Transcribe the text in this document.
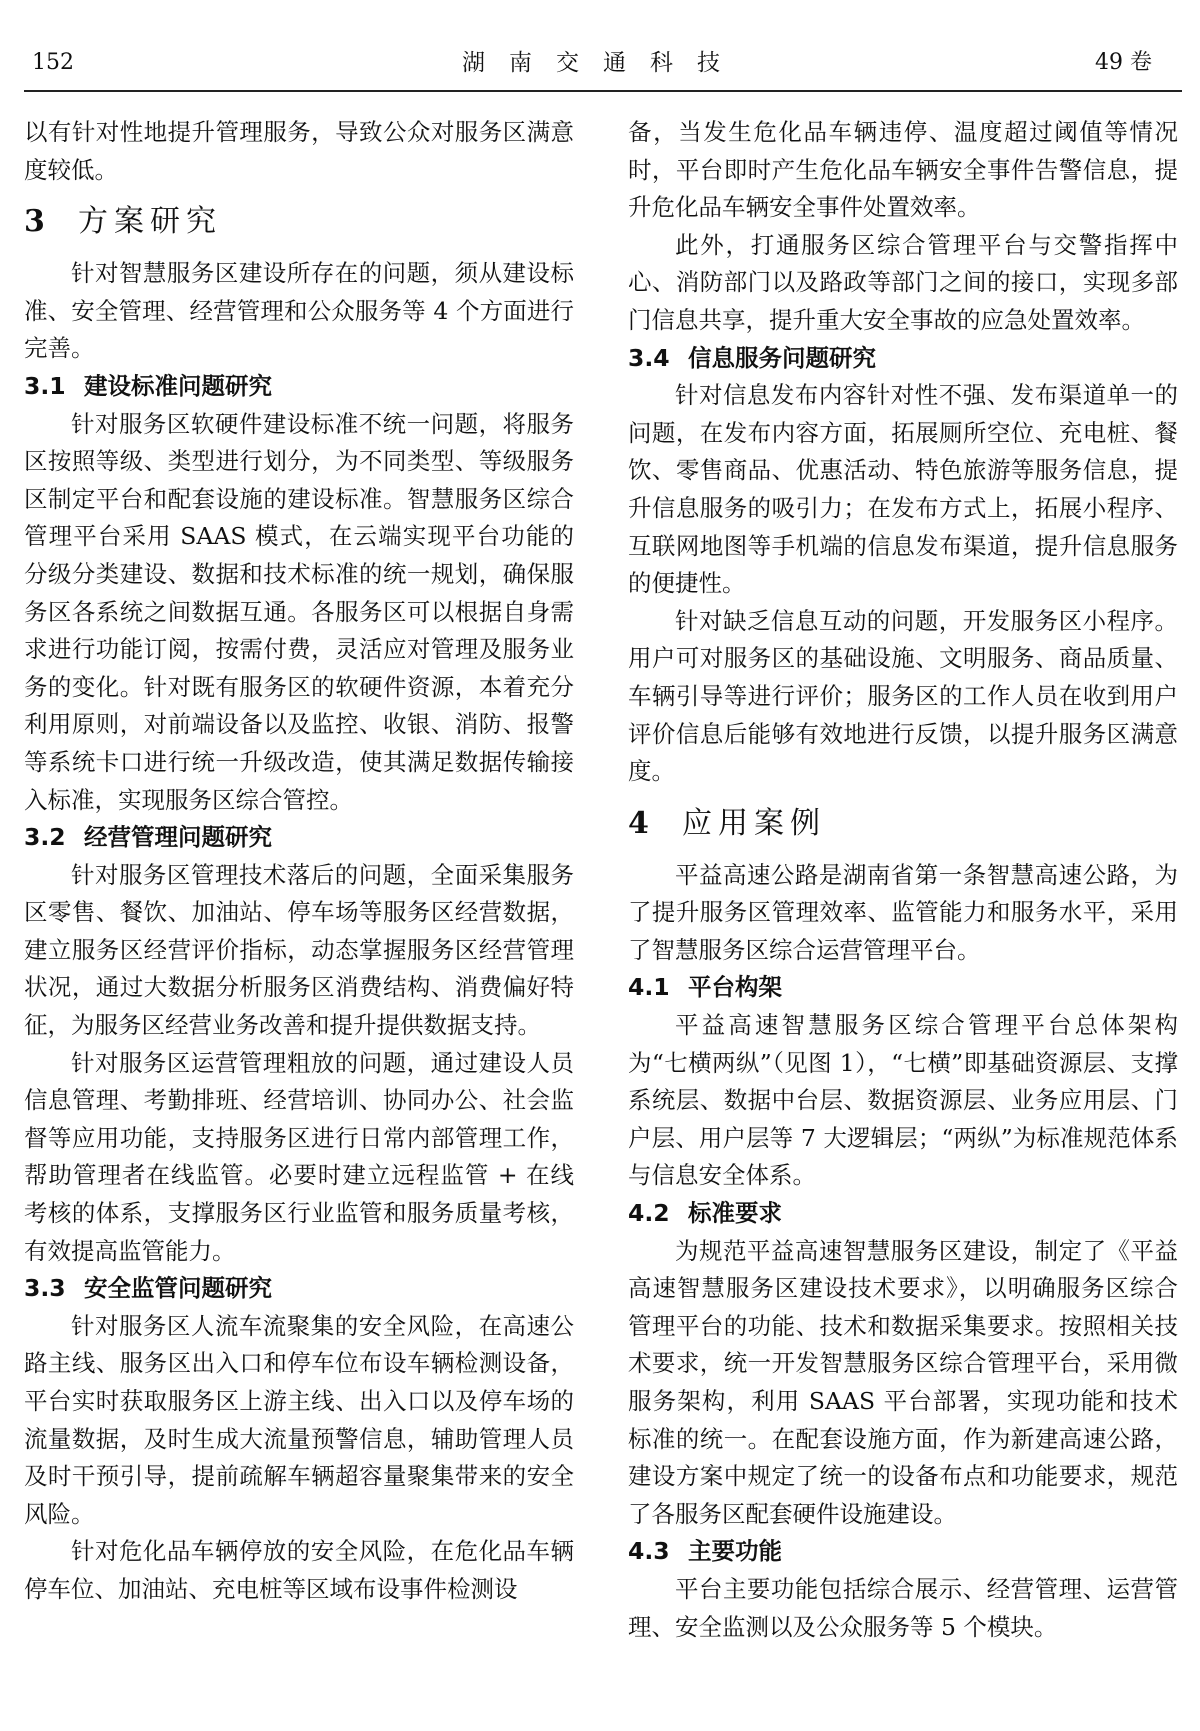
152	湖南交通科技	49 卷

以有针对性地提升管理服务，导致公众对服务区满意度较低。

3 方案研究

针对智慧服务区建设所存在的问题，须从建设标准、安全管理、经营管理和公众服务等 4 个方面进行完善。

3.1 建设标准问题研究

针对服务区软硬件建设标准不统一问题，将服务区按照等级、类型进行划分，为不同类型、等级服务区制定平台和配套设施的建设标准。智慧服务区综合管理平台采用 SAAS 模式，在云端实现平台功能的分级分类建设、数据和技术标准的统一规划，确保服务区各系统之间数据互通。各服务区可以根据自身需求进行功能订阅，按需付费，灵活应对管理及服务业务的变化。针对既有服务区的软硬件资源，本着充分利用原则，对前端设备以及监控、收银、消防、报警等系统卡口进行统一升级改造，使其满足数据传输接入标准，实现服务区综合管控。

3.2 经营管理问题研究

针对服务区管理技术落后的问题，全面采集服务区零售、餐饮、加油站、停车场等服务区经营数据，建立服务区经营评价指标，动态掌握服务区经营管理状况，通过大数据分析服务区消费结构、消费偏好特征，为服务区经营业务改善和提升提供数据支持。

针对服务区运营管理粗放的问题，通过建设人员信息管理、考勤排班、经营培训、协同办公、社会监督等应用功能，支持服务区进行日常内部管理工作，帮助管理者在线监管。必要时建立远程监管 + 在线考核的体系，支撑服务区行业监管和服务质量考核，有效提高监管能力。

3.3 安全监管问题研究

针对服务区人流车流聚集的安全风险，在高速公路主线、服务区出入口和停车位布设车辆检测设备，平台实时获取服务区上游主线、出入口以及停车场的流量数据，及时生成大流量预警信息，辅助管理人员及时干预引导，提前疏解车辆超容量聚集带来的安全风险。

针对危化品车辆停放的安全风险，在危化品车辆停车位、加油站、充电桩等区域布设事件检测设

备，当发生危化品车辆违停、温度超过阈值等情况时，平台即时产生危化品车辆安全事件告警信息，提升危化品车辆安全事件处置效率。

此外，打通服务区综合管理平台与交警指挥中心、消防部门以及路政等部门之间的接口，实现多部门信息共享，提升重大安全事故的应急处置效率。

3.4 信息服务问题研究

针对信息发布内容针对性不强、发布渠道单一的问题，在发布内容方面，拓展厕所空位、充电桩、餐饮、零售商品、优惠活动、特色旅游等服务信息，提升信息服务的吸引力；在发布方式上，拓展小程序、互联网地图等手机端的信息发布渠道，提升信息服务的便捷性。

针对缺乏信息互动的问题，开发服务区小程序。用户可对服务区的基础设施、文明服务、商品质量、车辆引导等进行评价；服务区的工作人员在收到用户评价信息后能够有效地进行反馈，以提升服务区满意度。

4 应用案例

平益高速公路是湖南省第一条智慧高速公路，为了提升服务区管理效率、监管能力和服务水平，采用了智慧服务区综合运营管理平台。

4.1 平台构架

平益高速智慧服务区综合管理平台总体架构为“七横两纵”（见图 1），“七横”即基础资源层、支撑系统层、数据中台层、数据资源层、业务应用层、门户层、用户层等 7 大逻辑层；“两纵”为标准规范体系与信息安全体系。

4.2 标准要求

为规范平益高速智慧服务区建设，制定了《平益高速智慧服务区建设技术要求》，以明确服务区综合管理平台的功能、技术和数据采集要求。按照相关技术要求，统一开发智慧服务区综合管理平台，采用微服务架构，利用 SAAS 平台部署，实现功能和技术标准的统一。在配套设施方面，作为新建高速公路，建设方案中规定了统一的设备布点和功能要求，规范了各服务区配套硬件设施建设。

4.3 主要功能

平台主要功能包括综合展示、经营管理、运营管理、安全监测以及公众服务等 5 个模块。
